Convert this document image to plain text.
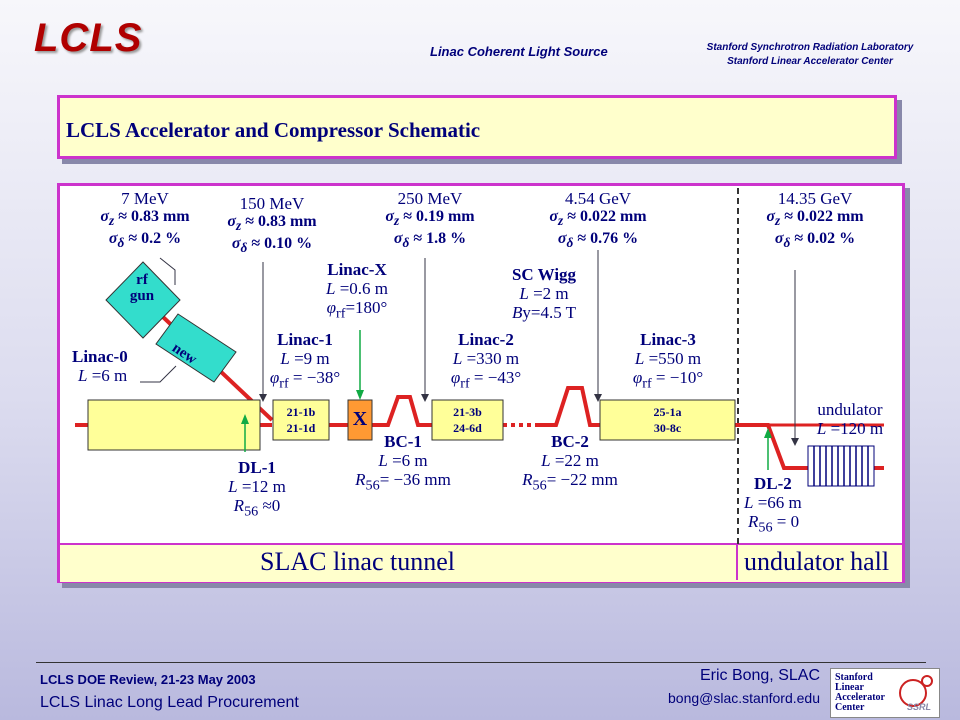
LCLS	Linac Coherent Light Source	Stanford Synchrotron Radiation Laboratory
Stanford Linear Accelerator Center
LCLS Accelerator and Compressor Schematic
SLAC linac tunnel	undulator hall
rf
gun
new
7 MeV
$\sigma_z \approx 0.83$ mm
$\sigma_\delta \approx 0.2$ %
150 MeV
$\sigma_z \approx 0.83$ mm
$\sigma_\delta \approx 0.10$ %
250 MeV
$\sigma_z \approx 0.19$ mm
$\sigma_\delta \approx 1.8$ %
4.54 GeV
$\sigma_z \approx 0.022$ mm
$\sigma_\delta \approx 0.76$ %
14.35 GeV
$\sigma_z \approx 0.022$ mm
$\sigma_\delta \approx 0.02$ %
Linac-X
L =0.6 m
$\varphi_{rf}=180^\circ$
SC Wigg
L =2 m
By=4.5 T
Linac-0
L =6 m
Linac-1
L =9 m
$\varphi_{rf} = -38^\circ$
Linac-2
L =330 m
$\varphi_{rf} = -43^\circ$
Linac-3
L =550 m
$\varphi_{rf} = -10^\circ$
21-1b
21-1d	X	21-3b
24-6d
25-1a
30-8c
BC-1
L =6 m
$R_{56}= -36$ mm
BC-2
L =22 m
$R_{56}= -22$ mm
DL-1
L =12 m
$R_{56} \approx 0$
DL-2
L =66 m
$R_{56} = 0$
undulator
L =120 m
LCLS DOE Review, 21-23 May 2003
LCLS Linac Long Lead Procurement
Eric Bong, SLAC
bong@slac.stanford.edu
Stanford
Linear
Accelerator
Center	SSRL
